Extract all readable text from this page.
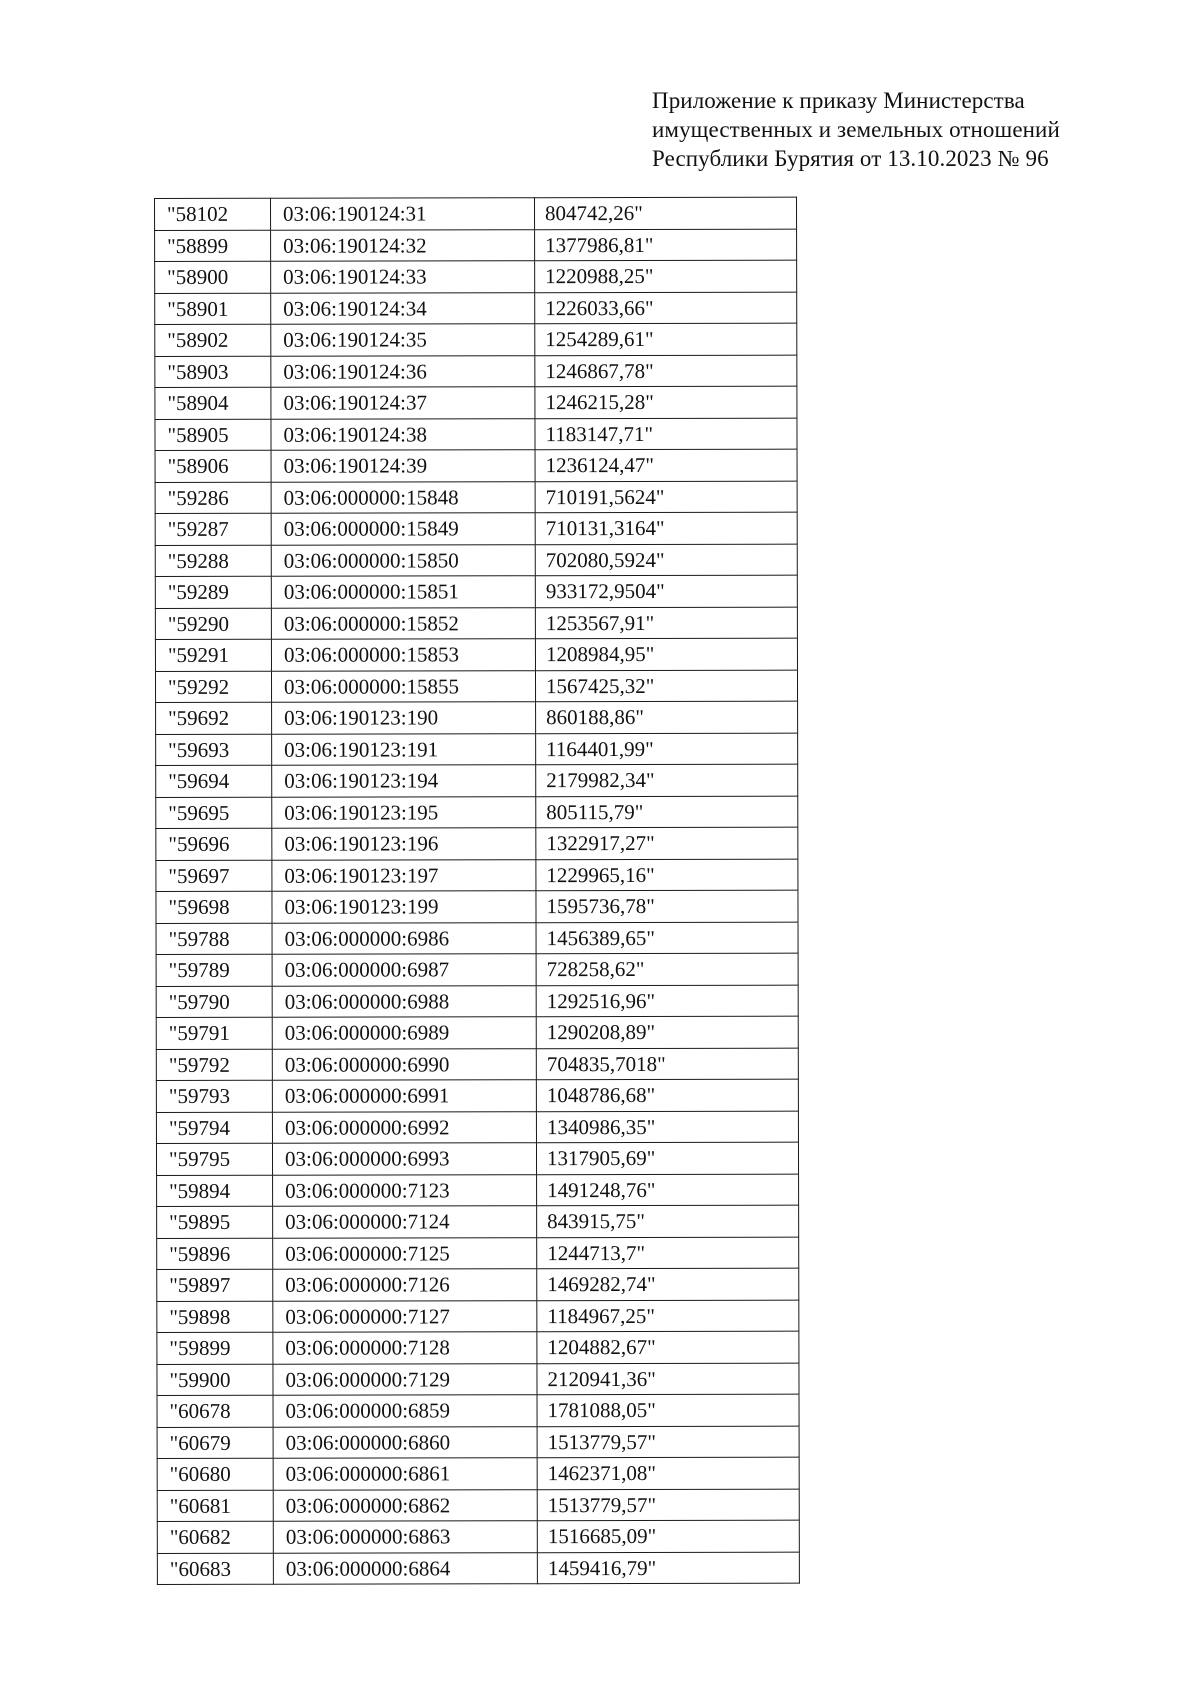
Приложение к приказу Министерства
имущественных и земельных отношений
Республики Бурятия от 13.10.2023 № 96
"58102	03:06:190124:31	804742,26"
"58899	03:06:190124:32	1377986,81"
"58900	03:06:190124:33	1220988,25"
"58901	03:06:190124:34	1226033,66"
"58902	03:06:190124:35	1254289,61"
"58903	03:06:190124:36	1246867,78"
"58904	03:06:190124:37	1246215,28"
"58905	03:06:190124:38	1183147,71"
"58906	03:06:190124:39	1236124,47"
"59286	03:06:000000:15848	710191,5624"
"59287	03:06:000000:15849	710131,3164"
"59288	03:06:000000:15850	702080,5924"
"59289	03:06:000000:15851	933172,9504"
"59290	03:06:000000:15852	1253567,91"
"59291	03:06:000000:15853	1208984,95"
"59292	03:06:000000:15855	1567425,32"
"59692	03:06:190123:190	860188,86"
"59693	03:06:190123:191	1164401,99"
"59694	03:06:190123:194	2179982,34"
"59695	03:06:190123:195	805115,79"
"59696	03:06:190123:196	1322917,27"
"59697	03:06:190123:197	1229965,16"
"59698	03:06:190123:199	1595736,78"
"59788	03:06:000000:6986	1456389,65"
"59789	03:06:000000:6987	728258,62"
"59790	03:06:000000:6988	1292516,96"
"59791	03:06:000000:6989	1290208,89"
"59792	03:06:000000:6990	704835,7018"
"59793	03:06:000000:6991	1048786,68"
"59794	03:06:000000:6992	1340986,35"
"59795	03:06:000000:6993	1317905,69"
"59894	03:06:000000:7123	1491248,76"
"59895	03:06:000000:7124	843915,75"
"59896	03:06:000000:7125	1244713,7"
"59897	03:06:000000:7126	1469282,74"
"59898	03:06:000000:7127	1184967,25"
"59899	03:06:000000:7128	1204882,67"
"59900	03:06:000000:7129	2120941,36"
"60678	03:06:000000:6859	1781088,05"
"60679	03:06:000000:6860	1513779,57"
"60680	03:06:000000:6861	1462371,08"
"60681	03:06:000000:6862	1513779,57"
"60682	03:06:000000:6863	1516685,09"
"60683	03:06:000000:6864	1459416,79"
